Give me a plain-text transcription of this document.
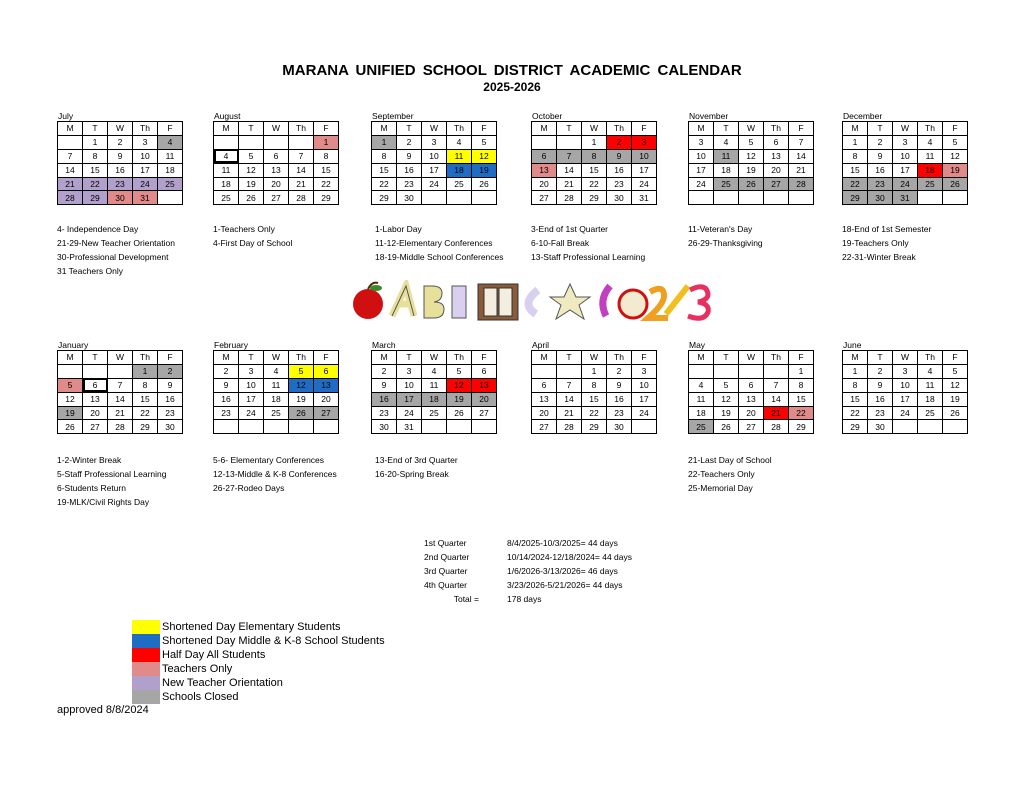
MARANA UNIFIED SCHOOL DISTRICT ACADEMIC CALENDAR
2025-2026
July
M	T	W	Th	F
	1	2	3	4
7	8	9	10	11
14	15	16	17	18
21	22	23	24	25
28	29	30	31	
August
M	T	W	Th	F
				1
4	5	6	7	8
11	12	13	14	15
18	19	20	21	22
25	26	27	28	29
September
M	T	W	Th	F
1	2	3	4	5
8	9	10	11	12
15	16	17	18	19
22	23	24	25	26
29	30			
October
M	T	W	Th	F
		1	2	3
6	7	8	9	10
13	14	15	16	17
20	21	22	23	24
27	28	29	30	31
November
M	T	W	Th	F
3	4	5	6	7
10	11	12	13	14
17	18	19	20	21
24	25	26	27	28

December
M	T	W	Th	F
1	2	3	4	5
8	9	10	11	12
15	16	17	18	19
22	23	24	25	26
29	30	31		
January
M	T	W	Th	F
			1	2
5	6	7	8	9
12	13	14	15	16
19	20	21	22	23
26	27	28	29	30
February
M	T	W	Th	F
2	3	4	5	6
9	10	11	12	13
16	17	18	19	20
23	24	25	26	27

March
M	T	W	Th	F
2	3	4	5	6
9	10	11	12	13
16	17	18	19	20
23	24	25	26	27
30	31			
April
M	T	W	Th	F
		1	2	3
6	7	8	9	10
13	14	15	16	17
20	21	22	23	24
27	28	29	30	
May
M	T	W	Th	F
				1
4	5	6	7	8
11	12	13	14	15
18	19	20	21	22
25	26	27	28	29
June
M	T	W	Th	F
1	2	3	4	5
8	9	10	11	12
15	16	17	18	19
22	23	24	25	26
29	30			
4- Independence Day
21-29-New Teacher Orientation
30-Professional Development
31 Teachers Only
1-Teachers Only
4-First Day of School
1-Labor Day
11-12-Elementary Conferences
18-19-Middle School Conferences
3-End of 1st Quarter
6-10-Fall Break
13-Staff Professional Learning
11-Veteran's Day
26-29-Thanksgiving
18-End of 1st Semester
19-Teachers Only
22-31-Winter Break
1-2-Winter Break
5-Staff Professional Learning
6-Students Return
19-MLK/Civil Rights Day
5-6- Elementary Conferences
12-13-Middle & K-8 Conferences
26-27-Rodeo Days
13-End of 3rd Quarter
16-20-Spring Break
21-Last Day of School
22-Teachers Only
25-Memorial Day
1st Quarter	8/4/2025-10/3/2025= 44 days
2nd Quarter	10/14/2024-12/18/2024= 44 days
3rd Quarter	1/6/2026-3/13/2026= 46 days
4th Quarter	3/23/2026-5/21/2026= 44 days
Total =	178 days
Shortened Day Elementary Students
Shortened Day Middle & K-8 School Students
Half Day All Students
Teachers Only
New Teacher Orientation
Schools Closed
approved 8/8/2024
